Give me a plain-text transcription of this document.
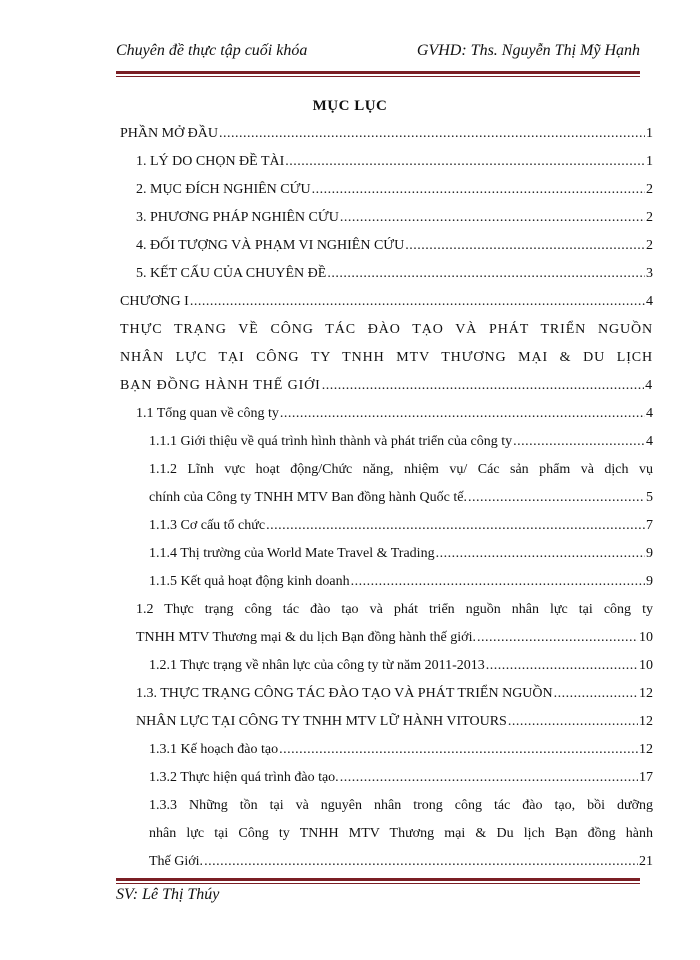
Chuyên đề thực tập cuối khóa	GVHD: Ths. Nguyễn Thị Mỹ Hạnh
MỤC LỤC
PHẦN MỞ ĐẦU .....	1
1. LÝ DO CHỌN ĐỀ TÀI .....	1
2. MỤC ĐÍCH NGHIÊN CỨU .....	2
3. PHƯƠNG PHÁP NGHIÊN CỨU .....	2
4. ĐỐI TƯỢNG VÀ PHẠM VI NGHIÊN CỨU .....	2
5. KẾT CẤU CỦA CHUYÊN ĐỀ .....	3
CHƯƠNG I .....	4
THỰC TRẠNG VỀ CÔNG TÁC ĐÀO TẠO VÀ PHÁT TRIỂN NGUỒN
NHÂN LỰC TẠI CÔNG TY TNHH MTV THƯƠNG MẠI & DU LỊCH
BẠN ĐỒNG HÀNH THẾ GIỚI .....	4
1.1 Tổng quan về công ty .....	4
1.1.1 Giới thiệu về quá trình hình thành và phát triển của công ty .....	4
1.1.2 Lĩnh vực hoạt động/Chức năng, nhiệm vụ/ Các sản phẩm và dịch vụ
chính của Công ty TNHH MTV Ban đồng hành Quốc tế. .....	5
1.1.3 Cơ cấu tổ chức .....	7
1.1.4 Thị trường của World Mate Travel & Trading .....	9
1.1.5 Kết quả hoạt động kinh doanh .....	9
1.2 Thực trạng công tác đào tạo và phát triển nguồn nhân lực tại công ty
TNHH MTV Thương mại & du lịch Bạn đồng hành thế giới. .....	10
1.2.1 Thực trạng về nhân lực của công ty từ năm 2011-2013 .....	10
1.3. THỰC TRẠNG CÔNG TÁC ĐÀO TẠO VÀ PHÁT TRIỂN NGUỒN .....	12
NHÂN LỰC TẠI CÔNG TY TNHH MTV LỮ HÀNH VITOURS .....	12
1.3.1 Kế hoạch đào tạo .....	12
1.3.2 Thực hiện quá trình đào tạo. .....	17
1.3.3 Những tồn tại và nguyên nhân trong công tác đào tạo, bồi dưỡng
nhân lực tại Công ty TNHH MTV Thương mại & Du lịch Bạn đồng hành
Thế Giới. .....	21
SV: Lê Thị Thúy
